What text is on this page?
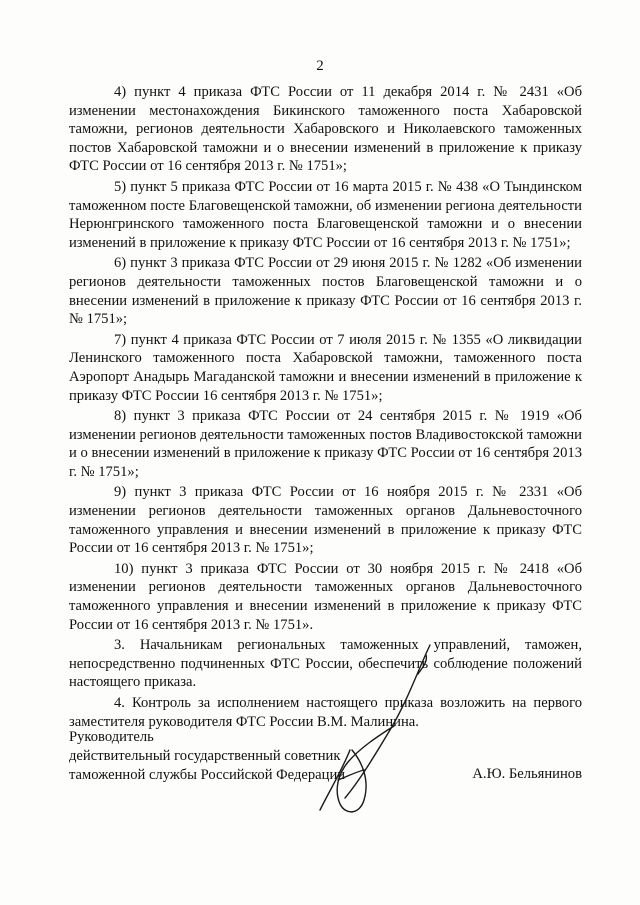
2

4) пункт 4 приказа ФТС России от 11 декабря 2014 г. № 2431 «Об изменении местонахождения Бикинского таможенного поста Хабаровской таможни, регионов деятельности Хабаровского и Николаевского таможенных постов Хабаровской таможни и о внесении изменений в приложение к приказу ФТС России от 16 сентября 2013 г. № 1751»;

5) пункт 5 приказа ФТС России от 16 марта 2015 г. № 438 «О Тындинском таможенном посте Благовещенской таможни, об изменении региона деятельности Нерюнгринского таможенного поста Благовещенской таможни и о внесении изменений в приложение к приказу ФТС России от 16 сентября 2013 г. № 1751»;

6) пункт 3 приказа ФТС России от 29 июня 2015 г. № 1282 «Об изменении регионов деятельности таможенных постов Благовещенской таможни и о внесении изменений в приложение к приказу ФТС России от 16 сентября 2013 г. № 1751»;

7) пункт 4 приказа ФТС России от 7 июля 2015 г. № 1355 «О ликвидации Ленинского таможенного поста Хабаровской таможни, таможенного поста Аэропорт Анадырь Магаданской таможни и внесении изменений в приложение к приказу ФТС России 16 сентября 2013 г. № 1751»;

8) пункт 3 приказа ФТС России от 24 сентября 2015 г. № 1919 «Об изменении регионов деятельности таможенных постов Владивостокской таможни и о внесении изменений в приложение к приказу ФТС России от 16 сентября 2013 г. № 1751»;

9) пункт 3 приказа ФТС России от 16 ноября 2015 г. № 2331 «Об изменении регионов деятельности таможенных органов Дальневосточного таможенного управления и внесении изменений в приложение к приказу ФТС России от 16 сентября 2013 г. № 1751»;

10) пункт 3 приказа ФТС России от 30 ноября 2015 г. № 2418 «Об изменении регионов деятельности таможенных органов Дальневосточного таможенного управления и внесении изменений в приложение к приказу ФТС России от 16 сентября 2013 г. № 1751».

3. Начальникам региональных таможенных управлений, таможен, непосредственно подчиненных ФТС России, обеспечить соблюдение положений настоящего приказа.

4. Контроль за исполнением настоящего приказа возложить на первого заместителя руководителя ФТС России В.М. Малинина.

Руководитель
действительный государственный советник
таможенной службы Российской Федерации	А.Ю. Бельянинов
